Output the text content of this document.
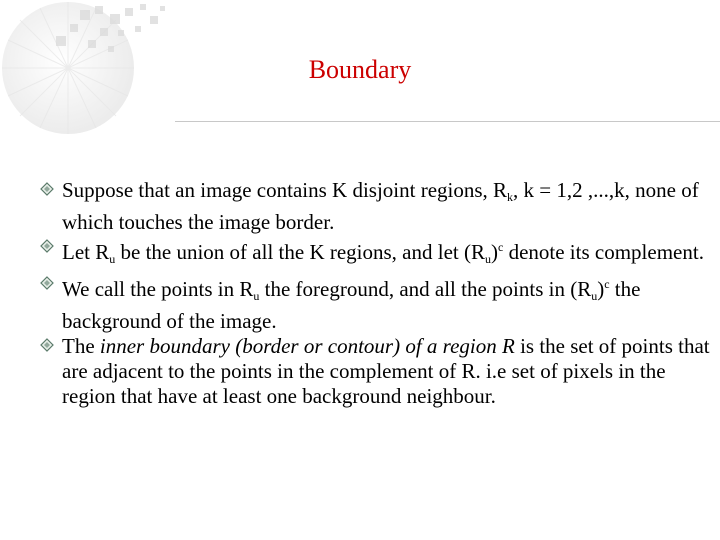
Boundary
Suppose that an image contains K disjoint regions, $R_k$, k = 1,2 ,...,k, none of which touches the image border.
Let $R_u$ be the union of all the K regions, and let $(R_u)^c$ denote its complement.
We call the points in $R_u$ the foreground, and all the points in $(R_u)^c$ the background of the image.
The inner boundary (border or contour) of a region R is the set of points that are adjacent to the points in the complement of R. i.e set of pixels in the region that have at least one background neighbour.
